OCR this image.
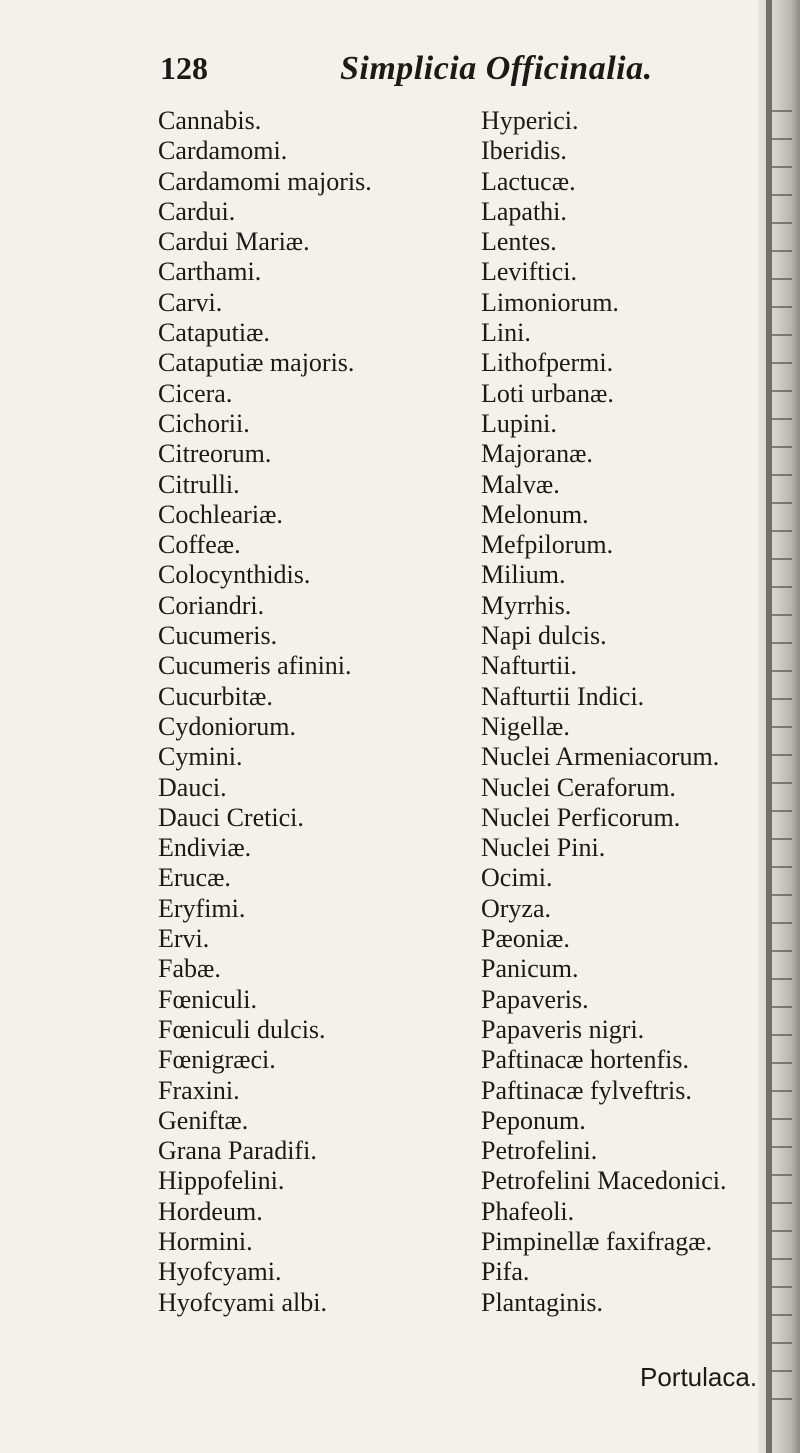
128	Simplicia Officinalia.
Cannabis.
Cardamomi.
Cardamomi majoris.
Cardui.
Cardui Mariæ.
Carthami.
Carvi.
Cataputiæ.
Cataputiæ majoris.
Cicera.
Cichorii.
Citreorum.
Citrulli.
Cochleariæ.
Coffeæ.
Colocynthidis.
Coriandri.
Cucumeris.
Cucumeris afinini.
Cucurbitæ.
Cydoniorum.
Cymini.
Dauci.
Dauci Cretici.
Endiviæ.
Erucæ.
Eryfimi.
Ervi.
Fabæ.
Fœniculi.
Fœniculi dulcis.
Fœnigræci.
Fraxini.
Geniftæ.
Grana Paradifi.
Hippofelini.
Hordeum.
Hormini.
Hyofcyami.
Hyofcyami albi.
Hyperici.
Iberidis.
Lactucæ.
Lapathi.
Lentes.
Leviftici.
Limoniorum.
Lini.
Lithofpermi.
Loti urbanæ.
Lupini.
Majoranæ.
Malvæ.
Melonum.
Mefpilorum.
Milium.
Myrrhis.
Napi dulcis.
Nafturtii.
Nafturtii Indici.
Nigellæ.
Nuclei Armeniacorum.
Nuclei Ceraforum.
Nuclei Perficorum.
Nuclei Pini.
Ocimi.
Oryza.
Pæoniæ.
Panicum.
Papaveris.
Papaveris nigri.
Paftinacæ hortenfis.
Paftinacæ fylveftris.
Peponum.
Petrofelini.
Petrofelini Macedonici.
Phafeoli.
Pimpinellæ faxifragæ.
Pifa.
Plantaginis.
Portulaca.
